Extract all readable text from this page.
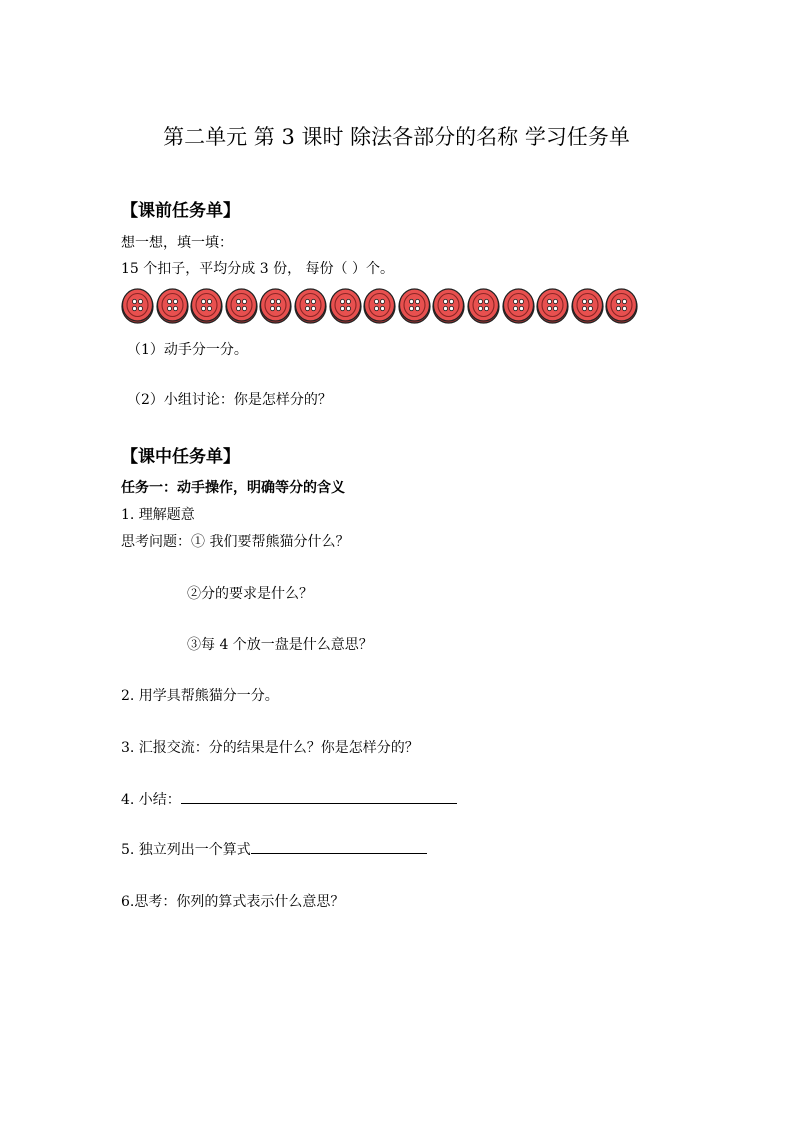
第二单元 第 3 课时 除法各部分的名称 学习任务单
【课前任务单】
想一想，填一填：
15 个扣子，平均分成 3 份， 每份（ ）个。
（1）动手分一分。
（2）小组讨论：你是怎样分的？
【课中任务单】
任务一：动手操作，明确等分的含义
1. 理解题意
思考问题：① 我们要帮熊猫分什么？
②分的要求是什么？
③每 4 个放一盘是什么意思？
2. 用学具帮熊猫分一分。
3. 汇报交流：分的结果是什么？你是怎样分的？
4. 小结：
5. 独立列出一个算式
6.思考：你列的算式表示什么意思？
